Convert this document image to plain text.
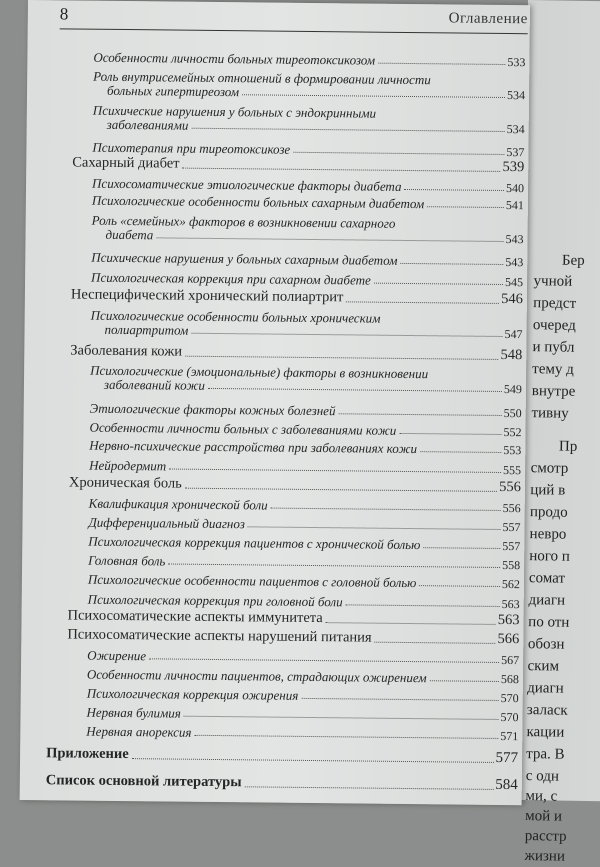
Бер
учной
предст
очеред
и публ
тему д
внутре
тивну
Пр
смотр
ций в
продо
невро
ного п
сомат
диагн
по отн
обозн
ским
диагн
заласк
кации
тра. В
с одн
ми, с
мой и
расстр
жизни
8	Оглавление
Особенности личности больных тиреотоксикозом	533
Роль внутрисемейных отношений в формировании личности
больных гипертиреозом	534
Психические нарушения у больных с эндокринными
заболеваниями	534
Психотерапия при тиреотоксикозе	537
Сахарный диабет	539
Психосоматические этиологические факторы диабета	540
Психологические особенности больных сахарным диабетом	541
Роль «семейных» факторов в возникновении сахарного
диабета	543
Психические нарушения у больных сахарным диабетом	543
Психологическая коррекция при сахарном диабете	545
Неспецифический хронический полиартрит	546
Психологические особенности больных хроническим
полиартритом	547
Заболевания кожи	548
Психологические (эмоциональные) факторы в возникновении
заболеваний кожи	549
Этиологические факторы кожных болезней	550
Особенности личности больных с заболеваниями кожи	552
Нервно-психические расстройства при заболеваниях кожи	553
Нейродермит	555
Хроническая боль	556
Квалификация хронической боли	556
Дифференциальный диагноз	557
Психологическая коррекция пациентов с хронической болью	557
Головная боль	558
Психологические особенности пациентов с головной болью	562
Психологическая коррекция при головной боли	563
Психосоматические аспекты иммунитета	563
Психосоматические аспекты нарушений питания	566
Ожирение	567
Особенности личности пациентов, страдающих ожирением	568
Психологическая коррекция ожирения	570
Нервная булимия	570
Нервная анорексия	571
Приложение	577
Список основной литературы	584
